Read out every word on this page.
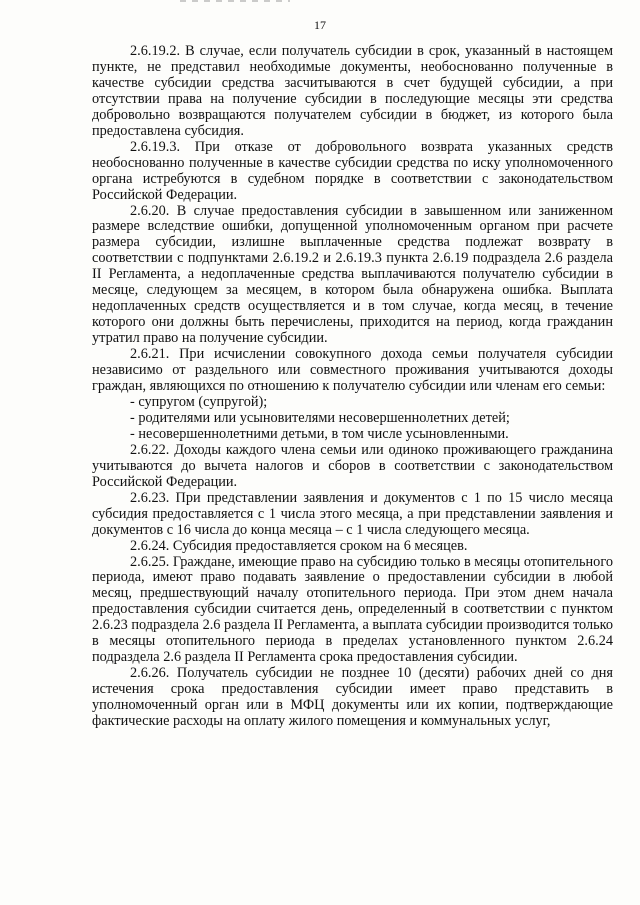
17

2.6.19.2. В случае, если получатель субсидии в срок, указанный в настоящем пункте, не представил необходимые документы, необоснованно полученные в качестве субсидии средства засчитываются в счет будущей субсидии, а при отсутствии права на получение субсидии в последующие месяцы эти средства добровольно возвращаются получателем субсидии в бюджет, из которого была предоставлена субсидия.

2.6.19.3. При отказе от добровольного возврата указанных средств необоснованно полученные в качестве субсидии средства по иску уполномоченного органа истребуются в судебном порядке в соответствии с законодательством Российской Федерации.

2.6.20. В случае предоставления субсидии в завышенном или заниженном размере вследствие ошибки, допущенной уполномоченным органом при расчете размера субсидии, излишне выплаченные средства подлежат возврату в соответствии с подпунктами 2.6.19.2 и 2.6.19.3 пункта 2.6.19 подраздела 2.6 раздела II Регламента, а недоплаченные средства выплачиваются получателю субсидии в месяце, следующем за месяцем, в котором была обнаружена ошибка. Выплата недоплаченных средств осуществляется и в том случае, когда месяц, в течение которого они должны быть перечислены, приходится на период, когда гражданин утратил право на получение субсидии.

2.6.21. При исчислении совокупного дохода семьи получателя субсидии независимо от раздельного или совместного проживания учитываются доходы граждан, являющихся по отношению к получателю субсидии или членам его семьи:

- супругом (супругой);

- родителями или усыновителями несовершеннолетних детей;

- несовершеннолетними детьми, в том числе усыновленными.

2.6.22. Доходы каждого члена семьи или одиноко проживающего гражданина учитываются до вычета налогов и сборов в соответствии с законодательством Российской Федерации.

2.6.23. При представлении заявления и документов с 1 по 15 число месяца субсидия предоставляется с 1 числа этого месяца, а при представлении заявления и документов с 16 числа до конца месяца – с 1 числа следующего месяца.

2.6.24. Субсидия предоставляется сроком на 6 месяцев.

2.6.25. Граждане, имеющие право на субсидию только в месяцы отопительного периода, имеют право подавать заявление о предоставлении субсидии в любой месяц, предшествующий началу отопительного периода. При этом днем начала предоставления субсидии считается день, определенный в соответствии с пунктом 2.6.23 подраздела 2.6 раздела II Регламента, а выплата субсидии производится только в месяцы отопительного периода в пределах установленного пунктом 2.6.24 подраздела 2.6 раздела II Регламента срока предоставления субсидии.

2.6.26. Получатель субсидии не позднее 10 (десяти) рабочих дней со дня истечения срока предоставления субсидии имеет право представить в уполномоченный орган или в МФЦ документы или их копии, подтверждающие фактические расходы на оплату жилого помещения и коммунальных услуг,
